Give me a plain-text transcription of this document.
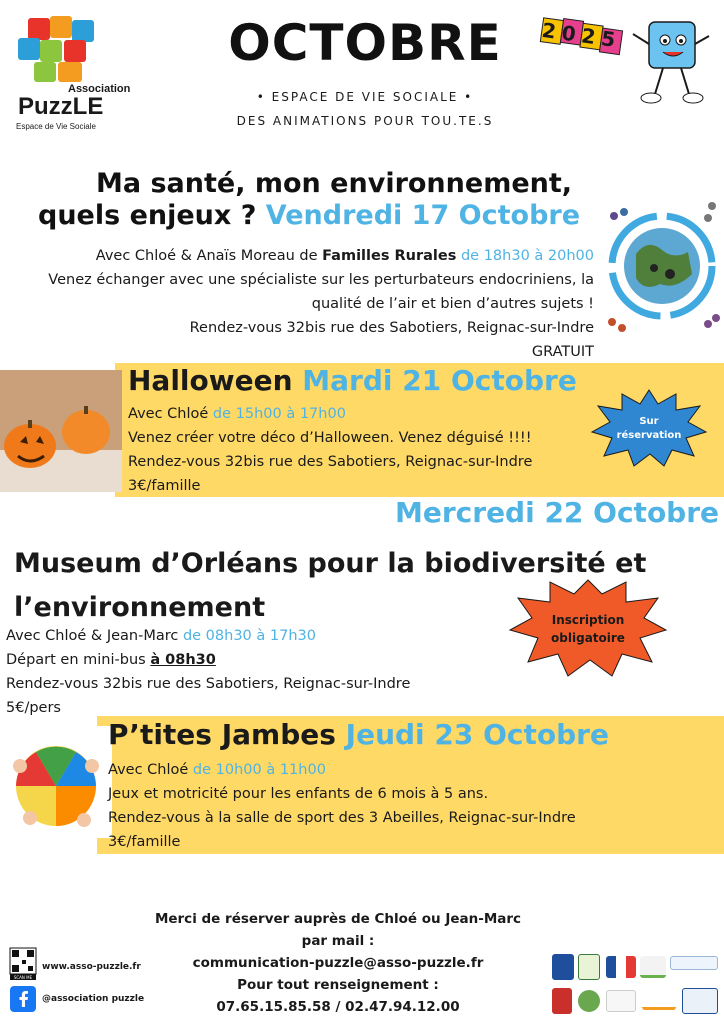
Association
PuzzLE
Espace de Vie Sociale
OCTOBRE
• ESPACE DE VIE SOCIALE •
DES ANIMATIONS POUR TOU.TE.S
2025
Ma santé, mon environnement,
quels enjeux ? Vendredi 17 Octobre
Avec Chloé & Anaïs Moreau de Familles Rurales de 18h30 à 20h00
Venez échanger avec une spécialiste sur les perturbateurs endocriniens, la
qualité de l’air et bien d’autres sujets !
Rendez-vous 32bis rue des Sabotiers, Reignac-sur-Indre
GRATUIT
Halloween Mardi 21 Octobre
Avec Chloé de 15h00 à 17h00
Venez créer votre déco d’Halloween. Venez déguisé !!!!
Rendez-vous 32bis rue des Sabotiers, Reignac-sur-Indre
3€/famille
Sur
réservation
Mercredi 22 Octobre
Museum d’Orléans pour la biodiversité et
l’environnement
Avec Chloé & Jean-Marc de 08h30 à 17h30
Départ en mini-bus à 08h30
Rendez-vous 32bis rue des Sabotiers, Reignac-sur-Indre
5€/pers
Inscription
obligatoire
P’tites Jambes Jeudi 23 Octobre
Avec Chloé de 10h00 à 11h00
Jeux et motricité pour les enfants de 6 mois à 5 ans.
Rendez-vous à la salle de sport des 3 Abeilles, Reignac-sur-Indre
3€/famille
Merci de réserver auprès de Chloé ou Jean-Marc
par mail :
communication-puzzle@asso-puzzle.fr
Pour tout renseignement :
07.65.15.85.58 / 02.47.94.12.00
SCAN ME
www.asso-puzzle.fr
@association puzzle
